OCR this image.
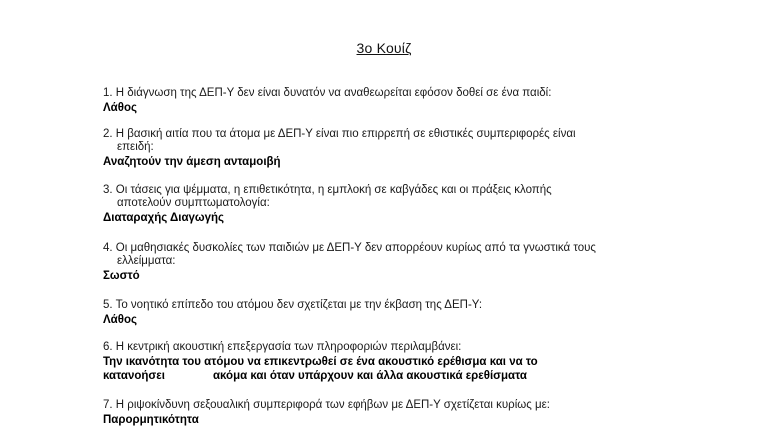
3ο Κουίζ

1. Η διάγνωση της ΔΕΠ-Υ δεν είναι δυνατόν να αναθεωρείται εφόσον δοθεί σε ένα παιδί:

Λάθος

2. Η βασική αιτία που τα άτομα με ΔΕΠ-Υ είναι πιο επιρρεπή σε εθιστικές συμπεριφορές είναι
επειδή:

Αναζητούν την άμεση ανταμοιβή

3. Οι τάσεις για ψέμματα, η επιθετικότητα, η εμπλοκή σε καβγάδες και οι πράξεις κλοπής
αποτελούν συμπτωματολογία:

Διαταραχής Διαγωγής

4. Οι μαθησιακές δυσκολίες των παιδιών με ΔΕΠ-Υ δεν απορρέουν κυρίως από τα γνωστικά τους
ελλείμματα:

Σωστό

5. Το νοητικό επίπεδο του ατόμου δεν σχετίζεται με την έκβαση της ΔΕΠ-Υ:

Λάθος

6. Η κεντρική ακουστική επεξεργασία των πληροφοριών περιλαμβάνει:

Την ικανότητα του ατόμου να επικεντρωθεί σε ένα ακουστικό ερέθισμα και να το
κατανοήσει	ακόμα και όταν υπάρχουν και άλλα ακουστικά ερεθίσματα

7. Η ριψοκίνδυνη σεξουαλική συμπεριφορά των εφήβων με ΔΕΠ-Υ σχετίζεται κυρίως με:

Παρορμητικότητα
